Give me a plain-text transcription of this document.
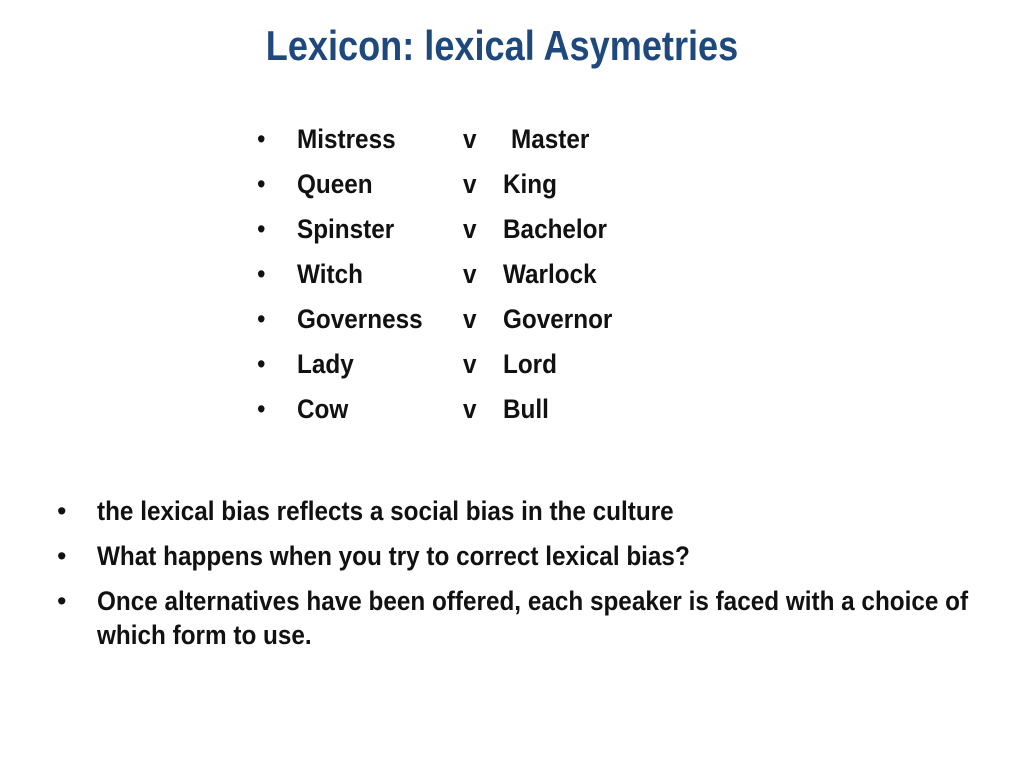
Lexicon: lexical Asymetries
• Mistress v Master
• Queen	v King
• Spinster	v Bachelor
• Witch	v Warlock
• Governess v Governor
• Lady	v Lord
• Cow	v Bull
• the lexical bias reflects a social bias in the culture
• What happens when you try to correct lexical bias?
• Once alternatives have been offered, each speaker is faced with a choice of which form to use.
